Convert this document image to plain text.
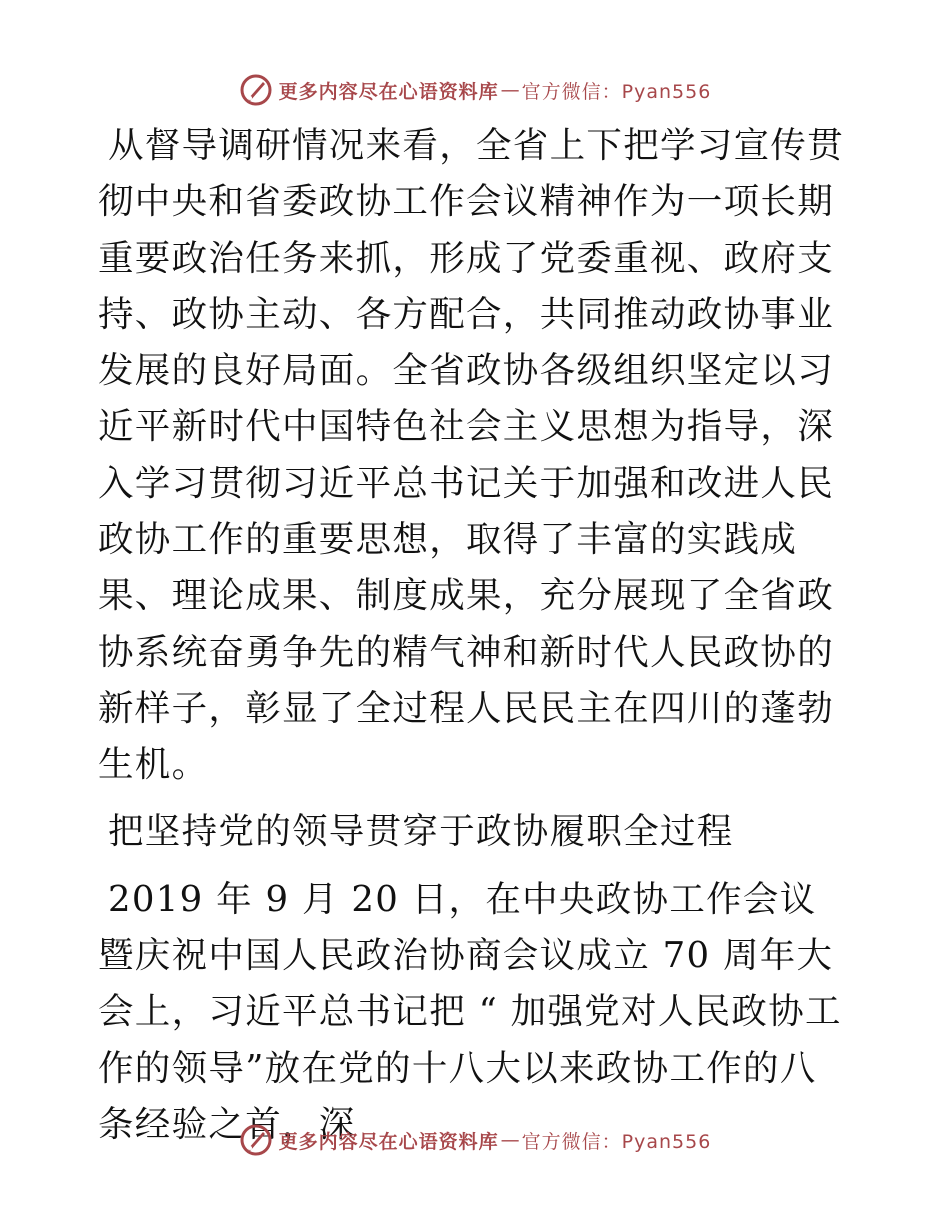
更多内容尽在心语资料库 — 官方微信：Pyan556

从督导调研情况来看，全省上下把学习宣传贯彻中央和省委政协工作会议精神作为一项长期重要政治任务来抓，形成了党委重视、政府支持、政协主动、各方配合，共同推动政协事业发展的良好局面。全省政协各级组织坚定以习近平新时代中国特色社会主义思想为指导，深入学习贯彻习近平总书记关于加强和改进人民政协工作的重要思想，取得了丰富的实践成果、理论成果、制度成果，充分展现了全省政协系统奋勇争先的精气神和新时代人民政协的新样子，彰显了全过程人民民主在四川的蓬勃生机。

把坚持党的领导贯穿于政协履职全过程

2019 年 9 月 20 日，在中央政协工作会议暨庆祝中国人民政治协商会议成立 70 周年大会上，习近平总书记把 “ 加强党对人民政协工作的领导”放在党的十八大以来政协工作的八条经验之首，深

更多内容尽在心语资料库 — 官方微信：Pyan556
